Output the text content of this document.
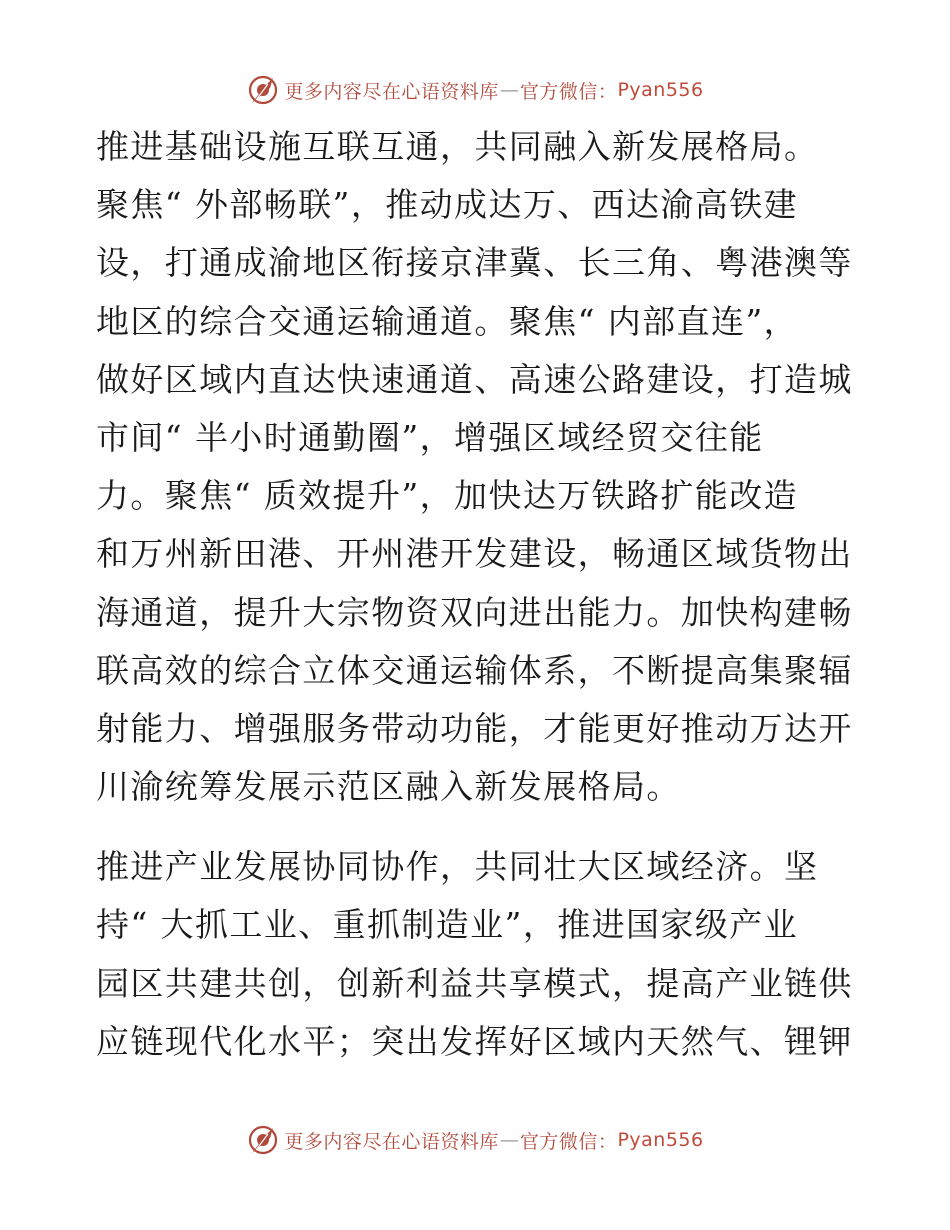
更多内容尽在心语资料库 — 官方微信： Pyan556
推进基础设施互联互通，共同融入新发展格局。
聚焦“ 外部畅联”，推动成达万、西达渝高铁建
设，打通成渝地区衔接京津冀、长三角、粤港澳等
地区的综合交通运输通道。聚焦“ 内部直连”，
做好区域内直达快速通道、高速公路建设，打造城
市间“ 半小时通勤圈”，增强区域经贸交往能
力。聚焦“ 质效提升”，加快达万铁路扩能改造
和万州新田港、开州港开发建设，畅通区域货物出
海通道，提升大宗物资双向进出能力。加快构建畅
联高效的综合立体交通运输体系，不断提高集聚辐
射能力、增强服务带动功能，才能更好推动万达开
川渝统筹发展示范区融入新发展格局。
推进产业发展协同协作，共同壮大区域经济。坚
持“ 大抓工业、重抓制造业”，推进国家级产业
园区共建共创，创新利益共享模式，提高产业链供
应链现代化水平；突出发挥好区域内天然气、锂钾
更多内容尽在心语资料库 — 官方微信： Pyan556
